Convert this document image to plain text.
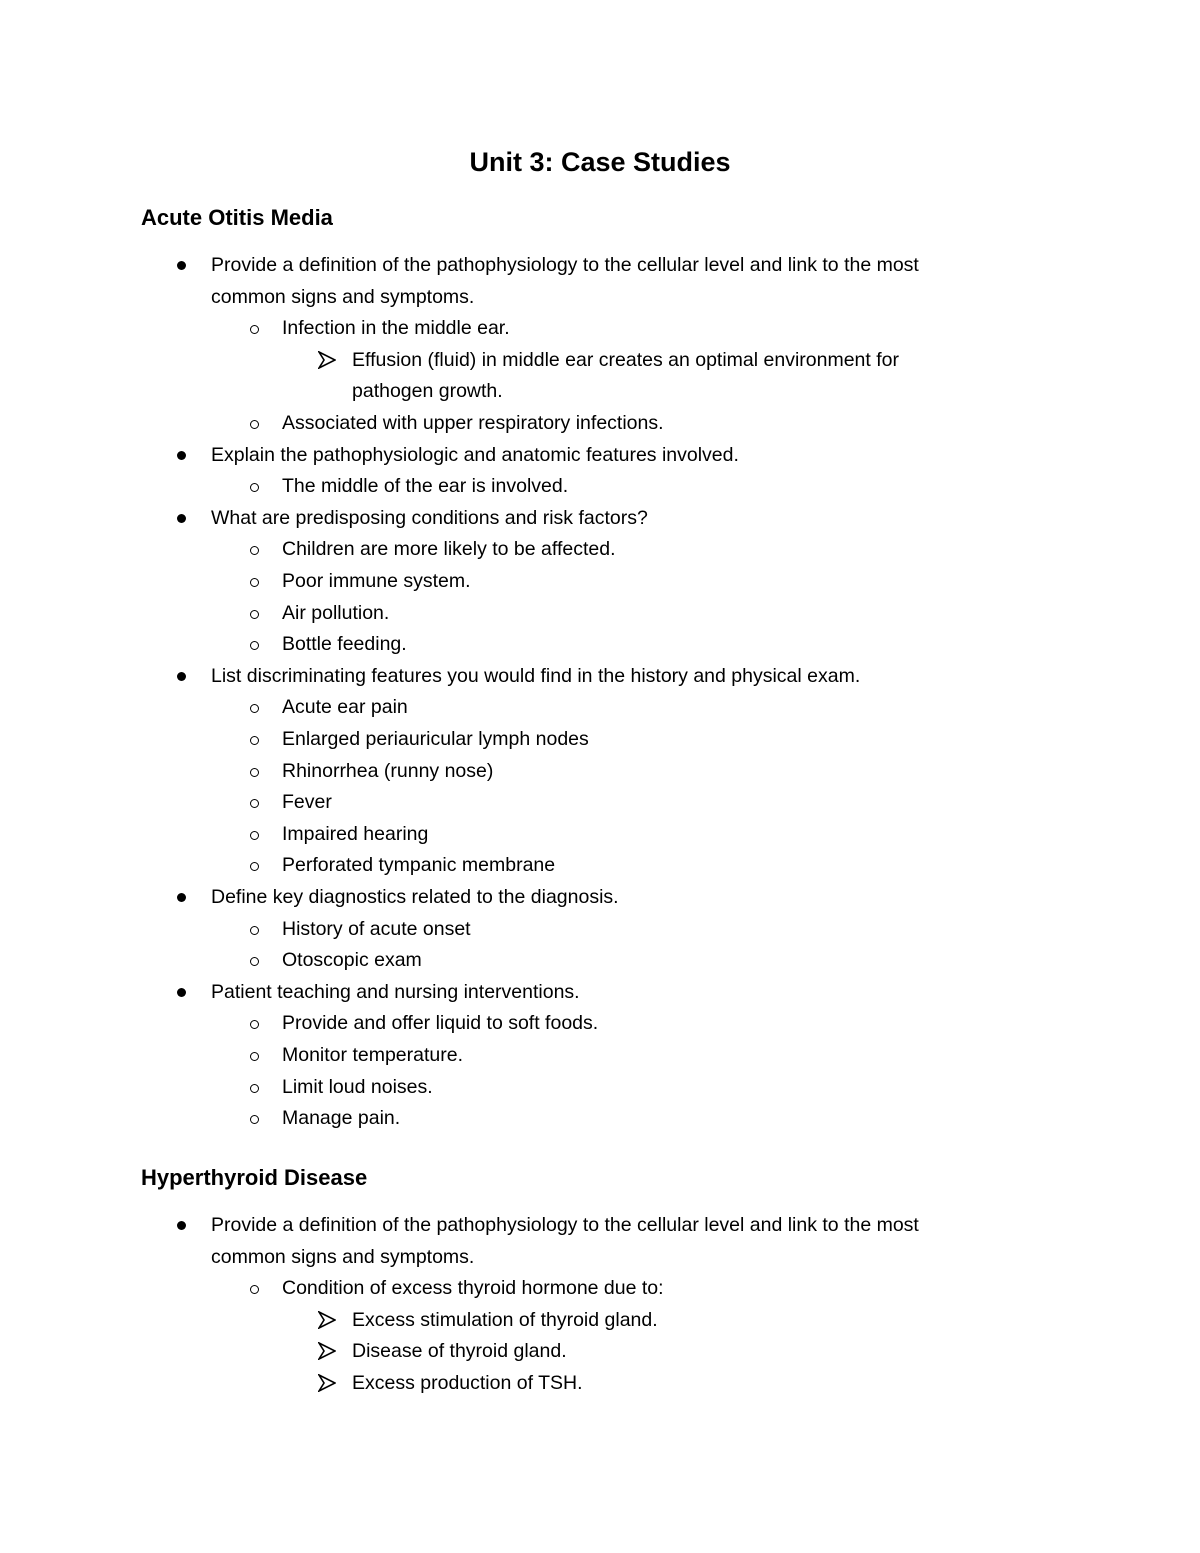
Unit 3: Case Studies
Acute Otitis Media
Provide a definition of the pathophysiology to the cellular level and link to the most
common signs and symptoms.
Infection in the middle ear.
Effusion (fluid) in middle ear creates an optimal environment for
pathogen growth.
Associated with upper respiratory infections.
Explain the pathophysiologic and anatomic features involved.
The middle of the ear is involved.
What are predisposing conditions and risk factors?
Children are more likely to be affected.
Poor immune system.
Air pollution.
Bottle feeding.
List discriminating features you would find in the history and physical exam.
Acute ear pain
Enlarged periauricular lymph nodes
Rhinorrhea (runny nose)
Fever
Impaired hearing
Perforated tympanic membrane
Define key diagnostics related to the diagnosis.
History of acute onset
Otoscopic exam
Patient teaching and nursing interventions.
Provide and offer liquid to soft foods.
Monitor temperature.
Limit loud noises.
Manage pain.
Hyperthyroid Disease
Provide a definition of the pathophysiology to the cellular level and link to the most
common signs and symptoms.
Condition of excess thyroid hormone due to:
Excess stimulation of thyroid gland.
Disease of thyroid gland.
Excess production of TSH.
